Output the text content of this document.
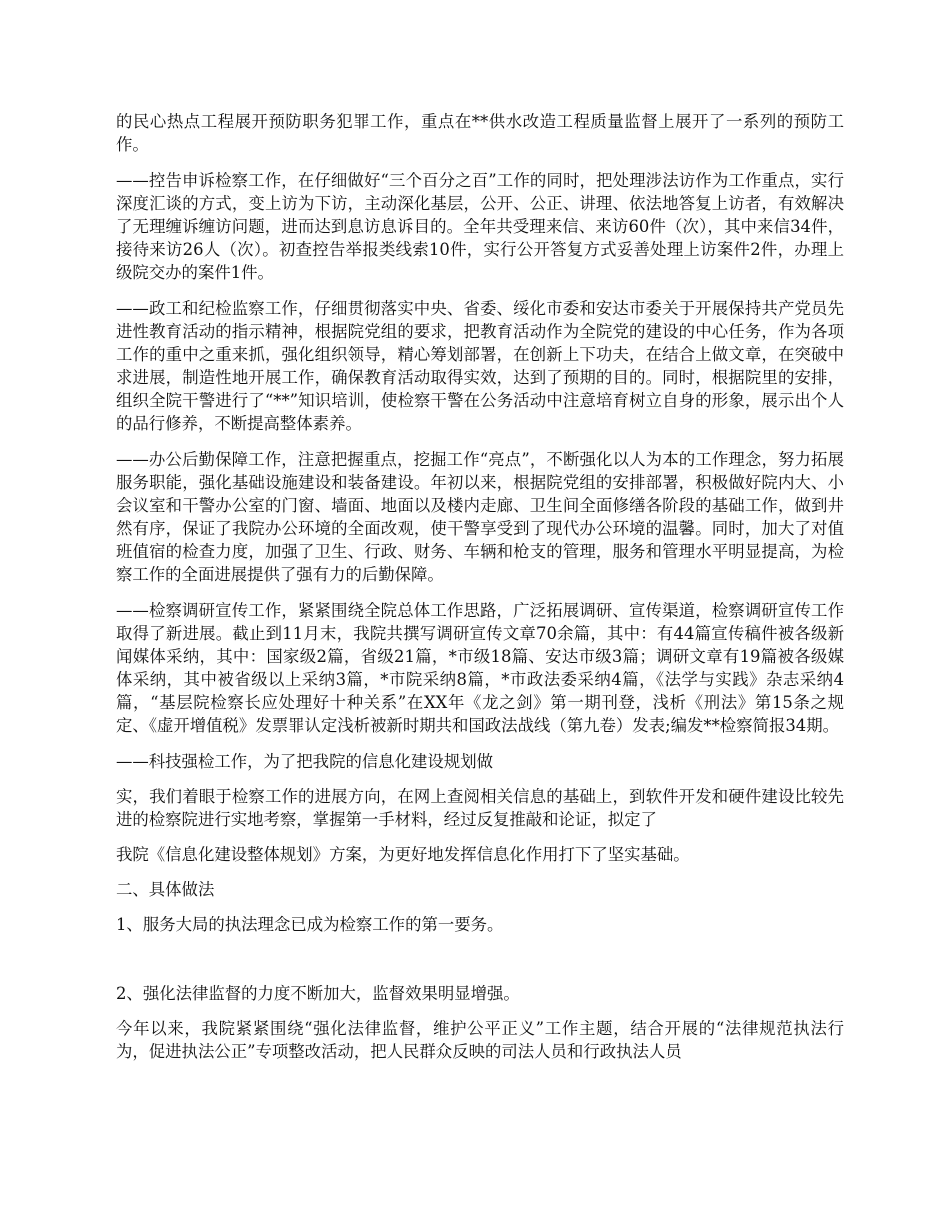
的民心热点工程展开预防职务犯罪工作，重点在**供水改造工程质量监督上展开了一系列的预防工作。

——控告申诉检察工作，在仔细做好“三个百分之百”工作的同时，把处理涉法访作为工作重点，实行深度汇谈的方式，变上访为下访，主动深化基层，公开、公正、讲理、依法地答复上访者，有效解决了无理缠诉缠访问题，进而达到息访息诉目的。全年共受理来信、来访60件（次），其中来信34件，接待来访26人（次）。初查控告举报类线索10件，实行公开答复方式妥善处理上访案件2件，办理上级院交办的案件1件。

——政工和纪检监察工作，仔细贯彻落实中央、省委、绥化市委和安达市委关于开展保持共产党员先进性教育活动的指示精神，根据院党组的要求，把教育活动作为全院党的建设的中心任务，作为各项工作的重中之重来抓，强化组织领导，精心筹划部署，在创新上下功夫，在结合上做文章，在突破中求进展，制造性地开展工作，确保教育活动取得实效，达到了预期的目的。同时，根据院里的安排，组织全院干警进行了“**”知识培训，使检察干警在公务活动中注意培育树立自身的形象，展示出个人的品行修养，不断提高整体素养。

——办公后勤保障工作，注意把握重点，挖掘工作“亮点”，不断强化以人为本的工作理念，努力拓展服务职能，强化基础设施建设和装备建设。年初以来，根据院党组的安排部署，积极做好院内大、小会议室和干警办公室的门窗、墙面、地面以及楼内走廊、卫生间全面修缮各阶段的基础工作，做到井然有序，保证了我院办公环境的全面改观，使干警享受到了现代办公环境的温馨。同时，加大了对值班值宿的检查力度，加强了卫生、行政、财务、车辆和枪支的管理，服务和管理水平明显提高，为检察工作的全面进展提供了强有力的后勤保障。

——检察调研宣传工作，紧紧围绕全院总体工作思路，广泛拓展调研、宣传渠道，检察调研宣传工作取得了新进展。截止到11月末，我院共撰写调研宣传文章70余篇，其中：有44篇宣传稿件被各级新闻媒体采纳，其中：国家级2篇，省级21篇，*市级18篇、安达市级3篇；调研文章有19篇被各级媒体采纳，其中被省级以上采纳3篇，*市院采纳8篇，*市政法委采纳4篇，《法学与实践》杂志采纳4篇，“基层院检察长应处理好十种关系”在XX年《龙之剑》第一期刊登，浅析《刑法》第15条之规定、《虚开增值税》发票罪认定浅析被新时期共和国政法战线（第九卷）发表;编发**检察简报34期。

——科技强检工作，为了把我院的信息化建设规划做

实，我们着眼于检察工作的进展方向，在网上查阅相关信息的基础上，到软件开发和硬件建设比较先进的检察院进行实地考察，掌握第一手材料，经过反复推敲和论证，拟定了

我院《信息化建设整体规划》方案，为更好地发挥信息化作用打下了坚实基础。

二、具体做法

1、服务大局的执法理念已成为检察工作的第一要务。

2、强化法律监督的力度不断加大，监督效果明显增强。

今年以来，我院紧紧围绕“强化法律监督，维护公平正义”工作主题，结合开展的“法律规范执法行为，促进执法公正”专项整改活动，把人民群众反映的司法人员和行政执法人员
